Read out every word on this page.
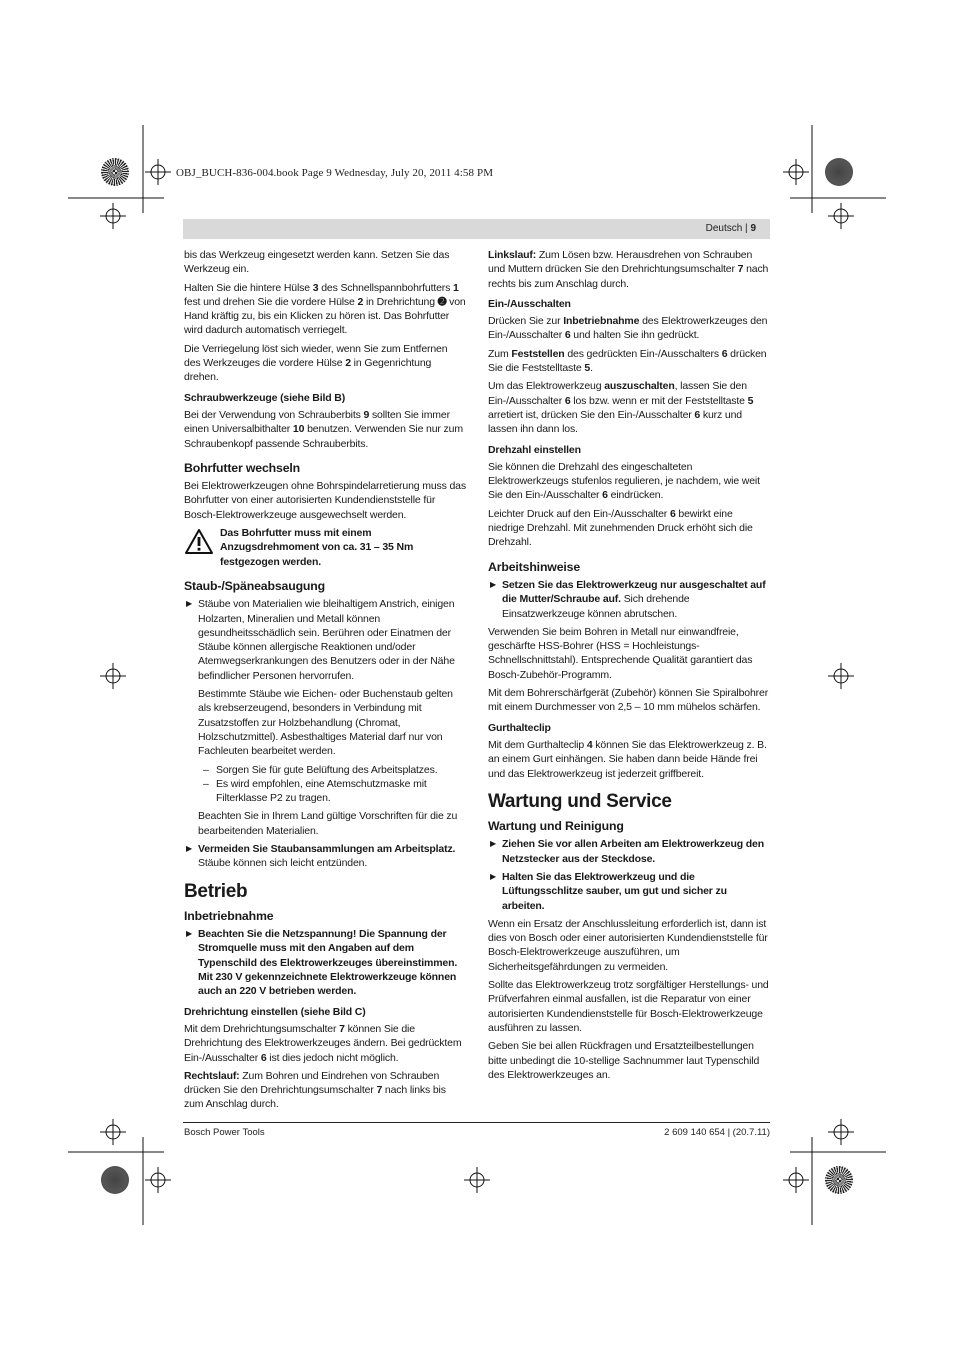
OBJ_BUCH-836-004.book Page 9 Wednesday, July 20, 2011 4:58 PM
Deutsch | 9

bis das Werkzeug eingesetzt werden kann. Setzen Sie das Werkzeug ein.

Halten Sie die hintere Hülse 3 des Schnellspannbohrfutters 1 fest und drehen Sie die vordere Hülse 2 in Drehrichtung ➋ von Hand kräftig zu, bis ein Klicken zu hören ist. Das Bohrfutter wird dadurch automatisch verriegelt.

Die Verriegelung löst sich wieder, wenn Sie zum Entfernen des Werkzeuges die vordere Hülse 2 in Gegenrichtung drehen.

Schraubwerkzeuge (siehe Bild B)

Bei der Verwendung von Schrauberbits 9 sollten Sie immer einen Universalbithalter 10 benutzen. Verwenden Sie nur zum Schraubenkopf passende Schrauberbits.

Bohrfutter wechseln

Bei Elektrowerkzeugen ohne Bohrspindelarretierung muss das Bohrfutter von einer autorisierten Kundendienststelle für Bosch-Elektrowerkzeuge ausgewechselt werden.

Das Bohrfutter muss mit einem Anzugsdrehmoment von ca. 31 – 35 Nm festgezogen werden.
Staub-/Späneabsaugung
▶ Stäube von Materialien wie bleihaltigem Anstrich, einigen Holzarten, Mineralien und Metall können gesundheitsschädlich sein. Berühren oder Einatmen der Stäube können allergische Reaktionen und/oder Atemwegserkrankungen des Benutzers oder in der Nähe befindlicher Personen hervorrufen.

Bestimmte Stäube wie Eichen- oder Buchenstaub gelten als krebserzeugend, besonders in Verbindung mit Zusatzstoffen zur Holzbehandlung (Chromat, Holzschutzmittel). Asbesthaltiges Material darf nur von Fachleuten bearbeitet werden.

– Sorgen Sie für gute Belüftung des Arbeitsplatzes.
– Es wird empfohlen, eine Atemschutzmaske mit Filterklasse P2 zu tragen.

Beachten Sie in Ihrem Land gültige Vorschriften für die zu bearbeitenden Materialien.

▶ Vermeiden Sie Staubansammlungen am Arbeitsplatz. Stäube können sich leicht entzünden.
Betrieb
Inbetriebnahme
▶ Beachten Sie die Netzspannung! Die Spannung der Stromquelle muss mit den Angaben auf dem Typenschild des Elektrowerkzeuges übereinstimmen. Mit 230 V gekennzeichnete Elektrowerkzeuge können auch an 220 V betrieben werden.
Drehrichtung einstellen (siehe Bild C)

Mit dem Drehrichtungsumschalter 7 können Sie die Drehrichtung des Elektrowerkzeuges ändern. Bei gedrücktem Ein-/Ausschalter 6 ist dies jedoch nicht möglich.

Rechtslauf: Zum Bohren und Eindrehen von Schrauben drücken Sie den Drehrichtungsumschalter 7 nach links bis zum Anschlag durch.

Linkslauf: Zum Lösen bzw. Herausdrehen von Schrauben und Muttern drücken Sie den Drehrichtungsumschalter 7 nach rechts bis zum Anschlag durch.

Ein-/Ausschalten

Drücken Sie zur Inbetriebnahme des Elektrowerkzeuges den Ein-/Ausschalter 6 und halten Sie ihn gedrückt.

Zum Feststellen des gedrückten Ein-/Ausschalters 6 drücken Sie die Feststelltaste 5.

Um das Elektrowerkzeug auszuschalten, lassen Sie den Ein-/Ausschalter 6 los bzw. wenn er mit der Feststelltaste 5 arretiert ist, drücken Sie den Ein-/Ausschalter 6 kurz und lassen ihn dann los.

Drehzahl einstellen

Sie können die Drehzahl des eingeschalteten Elektrowerkzeugs stufenlos regulieren, je nachdem, wie weit Sie den Ein-/Ausschalter 6 eindrücken.

Leichter Druck auf den Ein-/Ausschalter 6 bewirkt eine niedrige Drehzahl. Mit zunehmenden Druck erhöht sich die Drehzahl.

Arbeitshinweise
▶ Setzen Sie das Elektrowerkzeug nur ausgeschaltet auf die Mutter/Schraube auf. Sich drehende Einsatzwerkzeuge können abrutschen.

Verwenden Sie beim Bohren in Metall nur einwandfreie, geschärfte HSS-Bohrer (HSS = Hochleistungs-Schnellschnittstahl). Entsprechende Qualität garantiert das Bosch-Zubehör-Programm.

Mit dem Bohrerschärfgerät (Zubehör) können Sie Spiralbohrer mit einem Durchmesser von 2,5 – 10 mm mühelos schärfen.

Gurthalteclip

Mit dem Gurthalteclip 4 können Sie das Elektrowerkzeug z. B. an einem Gurt einhängen. Sie haben dann beide Hände frei und das Elektrowerkzeug ist jederzeit griffbereit.

Wartung und Service
Wartung und Reinigung
▶ Ziehen Sie vor allen Arbeiten am Elektrowerkzeug den Netzstecker aus der Steckdose.
▶ Halten Sie das Elektrowerkzeug und die Lüftungsschlitze sauber, um gut und sicher zu arbeiten.

Wenn ein Ersatz der Anschlussleitung erforderlich ist, dann ist dies von Bosch oder einer autorisierten Kundendienststelle für Bosch-Elektrowerkzeuge auszuführen, um Sicherheitsgefährdungen zu vermeiden.

Sollte das Elektrowerkzeug trotz sorgfältiger Herstellungs- und Prüfverfahren einmal ausfallen, ist die Reparatur von einer autorisierten Kundendienststelle für Bosch-Elektrowerkzeuge ausführen zu lassen.

Geben Sie bei allen Rückfragen und Ersatzteilbestellungen bitte unbedingt die 10-stellige Sachnummer laut Typenschild des Elektrowerkzeuges an.

Bosch Power Tools	2 609 140 654 | (20.7.11)
